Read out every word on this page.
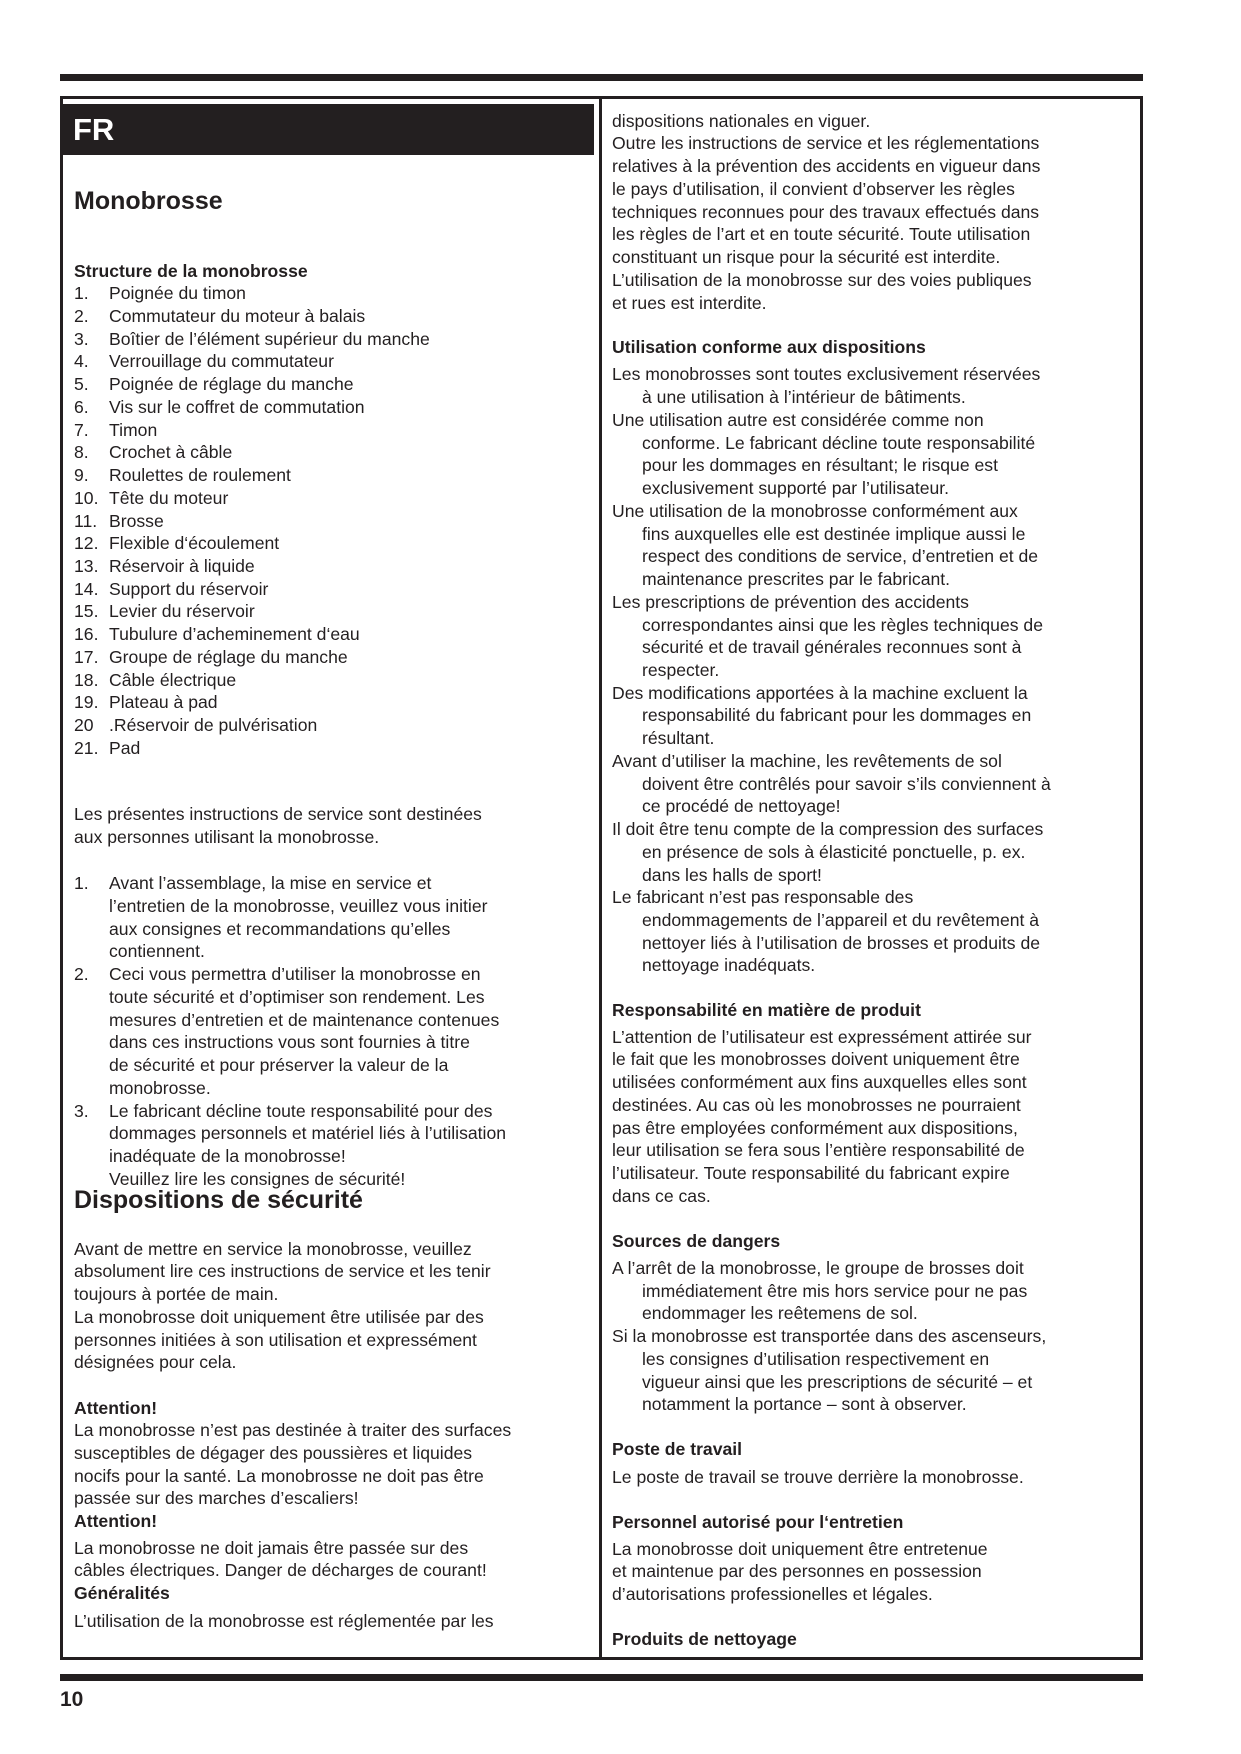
FR
Monobrosse
Structure de la monobrosse
1. Poignée du timon
2. Commutateur du moteur à balais
3. Boîtier de l’élément supérieur du manche
4. Verrouillage du commutateur
5. Poignée de réglage du manche
6. Vis sur le coffret de commutation
7. Timon
8. Crochet à câble
9. Roulettes de roulement
10. Tête du moteur
11. Brosse
12. Flexible d‘écoulement
13. Réservoir à liquide
14. Support du réservoir
15. Levier du réservoir
16. Tubulure d’acheminement d‘eau
17. Groupe de réglage du manche
18. Câble électrique
19. Plateau à pad
20 .Réservoir de pulvérisation
21. Pad
Les présentes instructions de service sont destinées
aux personnes utilisant la monobrosse.
1. Avant l’assemblage, la mise en service et
l’entretien de la monobrosse, veuillez vous initier
aux consignes et recommandations qu’elles
contiennent.
2. Ceci vous permettra d’utiliser la monobrosse en
toute sécurité et d’optimiser son rendement. Les
mesures d’entretien et de maintenance contenues
dans ces instructions vous sont fournies à titre
de sécurité et pour préserver la valeur de la
monobrosse.
3. Le fabricant décline toute responsabilité pour des
dommages personnels et matériel liés à l’utilisation
inadéquate de la monobrosse!
Veuillez lire les consignes de sécurité!
Dispositions de sécurité
Avant de mettre en service la monobrosse, veuillez
absolument lire ces instructions de service et les tenir
toujours à portée de main.
La monobrosse doit uniquement être utilisée par des
personnes initiées à son utilisation et expressément
désignées pour cela.
Attention!
La monobrosse n’est pas destinée à traiter des surfaces
susceptibles de dégager des poussières et liquides
nocifs pour la santé. La monobrosse ne doit pas être
passée sur des marches d’escaliers!
Attention!
La monobrosse ne doit jamais être passée sur des
câbles électriques. Danger de décharges de courant!
Généralités
L’utilisation de la monobrosse est réglementée par les
dispositions nationales en viguer.
Outre les instructions de service et les réglementations
relatives à la prévention des accidents en vigueur dans
le pays d’utilisation, il convient d’observer les règles
techniques reconnues pour des travaux effectués dans
les règles de l’art et en toute sécurité. Toute utilisation
constituant un risque pour la sécurité est interdite.
L’utilisation de la monobrosse sur des voies publiques
et rues est interdite.
Utilisation conforme aux dispositions
Les monobrosses sont toutes exclusivement réservées
à une utilisation à l’intérieur de bâtiments.
Une utilisation autre est considérée comme non
conforme. Le fabricant décline toute responsabilité
pour les dommages en résultant; le risque est
exclusivement supporté par l’utilisateur.
Une utilisation de la monobrosse conformément aux
fins auxquelles elle est destinée implique aussi le
respect des conditions de service, d’entretien et de
maintenance prescrites par le fabricant.
Les prescriptions de prévention des accidents
correspondantes ainsi que les règles techniques de
sécurité et de travail générales reconnues sont à
respecter.
Des modifications apportées à la machine excluent la
responsabilité du fabricant pour les dommages en
résultant.
Avant d’utiliser la machine, les revêtements de sol
doivent être contrêlés pour savoir s’ils conviennent à
ce procédé de nettoyage!
Il doit être tenu compte de la compression des surfaces
en présence de sols à élasticité ponctuelle, p. ex.
dans les halls de sport!
Le fabricant n’est pas responsable des
endommagements de l’appareil et du revêtement à
nettoyer liés à l’utilisation de brosses et produits de
nettoyage inadéquats.
Responsabilité en matière de produit
L’attention de l’utilisateur est expressément attirée sur
le fait que les monobrosses doivent uniquement être
utilisées conformément aux fins auxquelles elles sont
destinées. Au cas où les monobrosses ne pourraient
pas être employées conformément aux dispositions,
leur utilisation se fera sous l’entière responsabilité de
l’utilisateur. Toute responsabilité du fabricant expire
dans ce cas.
Sources de dangers
A l’arrêt de la monobrosse, le groupe de brosses doit
immédiatement être mis hors service pour ne pas
endommager les reêtemens de sol.
Si la monobrosse est transportée dans des ascenseurs,
les consignes d’utilisation respectivement en
vigueur ainsi que les prescriptions de sécurité – et
notamment la portance – sont à observer.
Poste de travail
Le poste de travail se trouve derrière la monobrosse.
Personnel autorisé pour l‘entretien
La monobrosse doit uniquement être entretenue
et maintenue par des personnes en possession
d’autorisations professionelles et légales.
Produits de nettoyage
10
